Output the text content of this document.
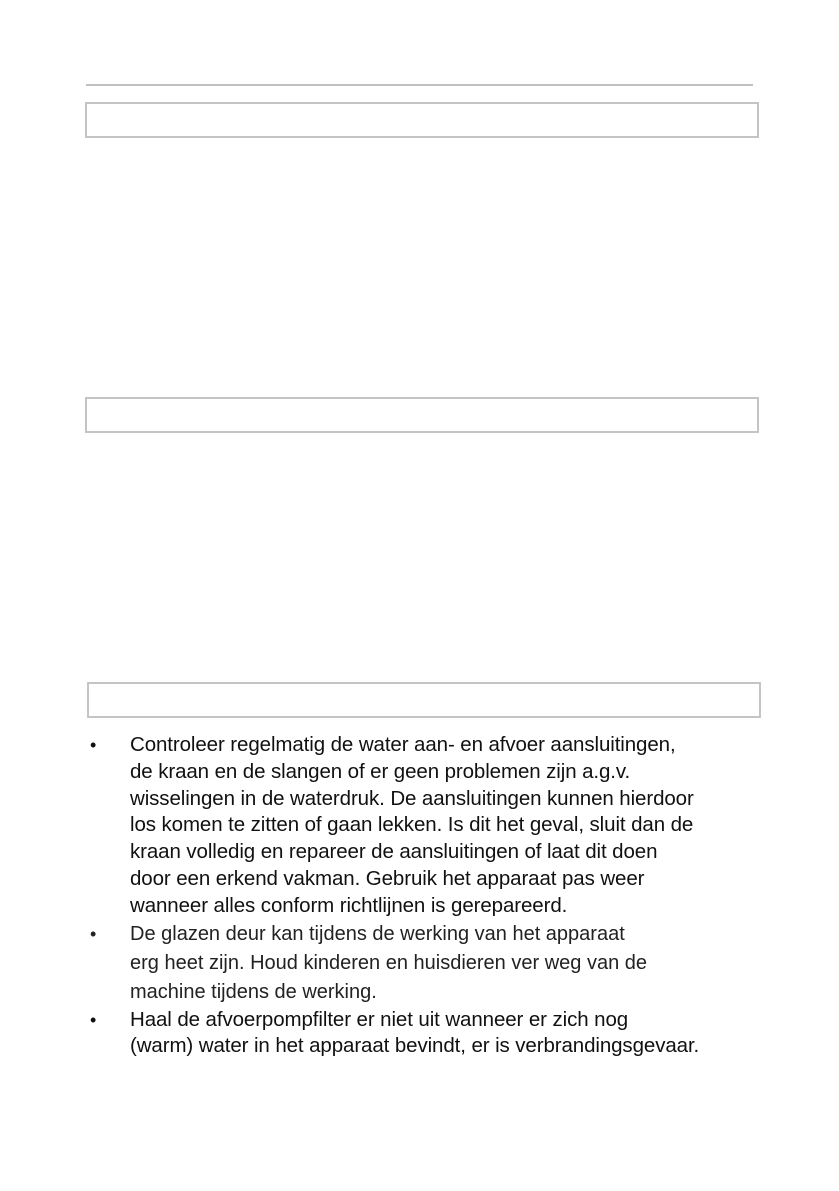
• Controleer regelmatig de water aan- en afvoer aansluitingen,
de kraan en de slangen of er geen problemen zijn a.g.v.
wisselingen in de waterdruk. De aansluitingen kunnen hierdoor
los komen te zitten of gaan lekken. Is dit het geval, sluit dan de
kraan volledig en repareer de aansluitingen of laat dit doen
door een erkend vakman. Gebruik het apparaat pas weer
wanneer alles conform richtlijnen is gerepareerd.
• De glazen deur kan tijdens de werking van het apparaat
erg heet zijn. Houd kinderen en huisdieren ver weg van de
machine tijdens de werking.
• Haal de afvoerpompfilter er niet uit wanneer er zich nog
(warm) water in het apparaat bevindt, er is verbrandingsgevaar.
